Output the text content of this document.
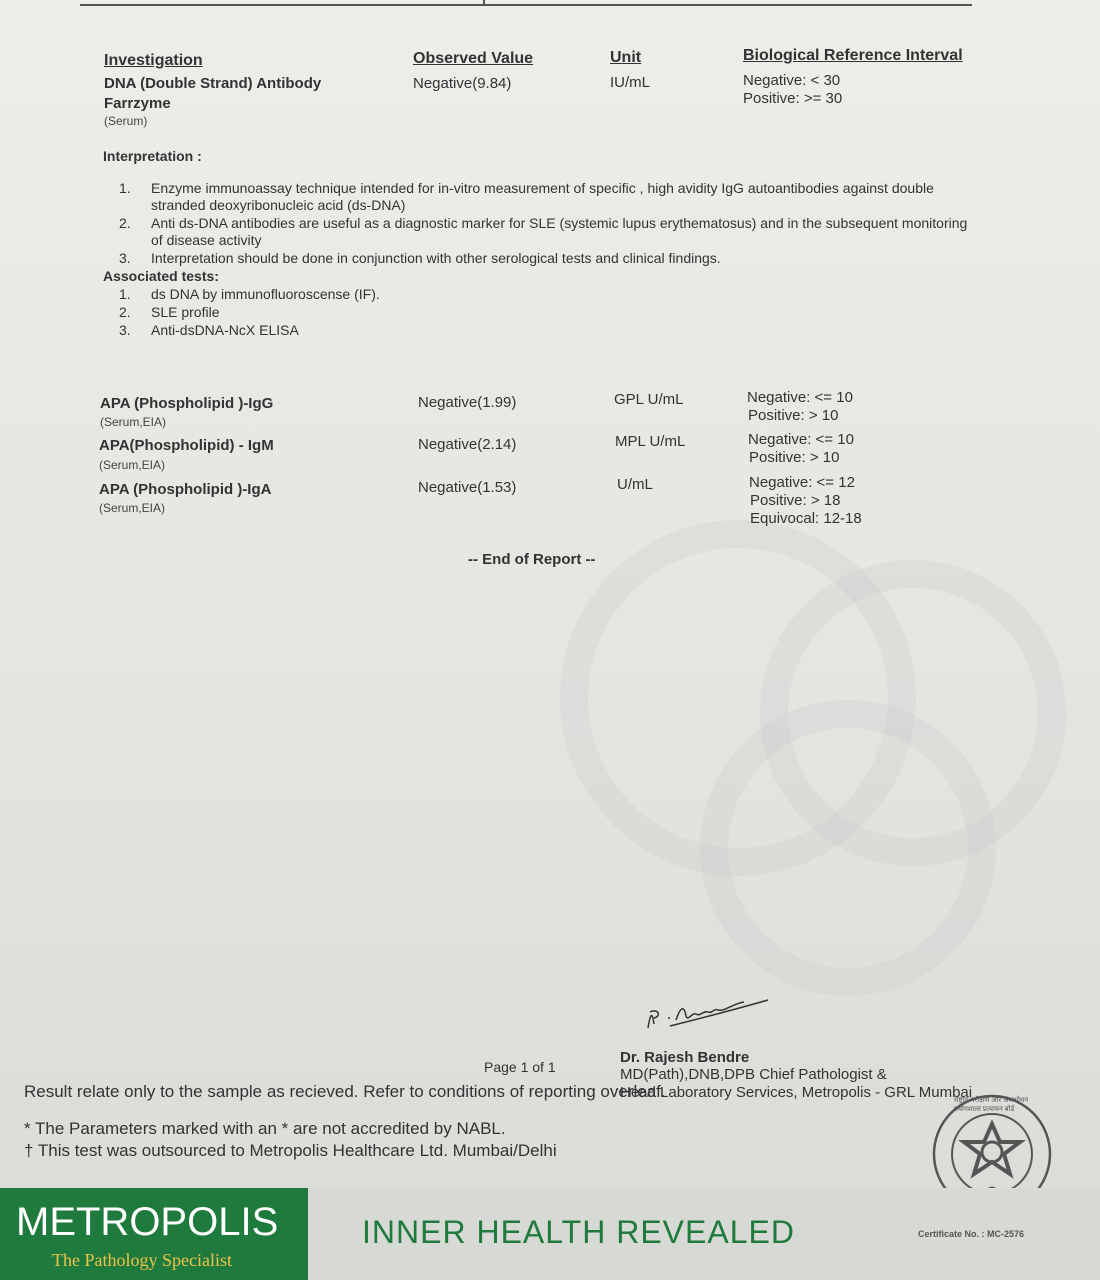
Investigation	Observed Value	Unit	Biological Reference Interval
DNA (Double Strand) Antibody
Farrzyme
(Serum)
Negative(9.84)	IU/mL	Negative: < 30
Positive: >= 30
Interpretation :
1. Enzyme immunoassay technique intended for in-vitro measurement of specific , high avidity IgG autoantibodies against double stranded deoxyribonucleic acid (ds-DNA)
2. Anti ds-DNA antibodies are useful as a diagnostic marker for SLE (systemic lupus erythematosus) and in the subsequent monitoring of disease activity
3. Interpretation should be done in conjunction with other serological tests and clinical findings.
Associated tests:
1. ds DNA by immunofluoroscense (IF).
2. SLE profile
3. Anti-dsDNA-NcX ELISA
APA (Phospholipid )-IgG
(Serum,EIA)
Negative(1.99)	GPL U/mL	Negative: <= 10
Positive: > 10
APA(Phospholipid) - IgM
(Serum,EIA)
Negative(2.14)	MPL U/mL	Negative: <= 10
Positive: > 10
APA (Phospholipid )-IgA
(Serum,EIA)
Negative(1.53)	U/mL	Negative: <= 12
Positive: > 18
Equivocal: 12-18
-- End of Report --
Page 1 of 1
Dr. Rajesh Bendre
MD(Path),DNB,DPB Chief Pathologist &
Head Laboratory Services, Metropolis - GRL Mumbai
Result relate only to the sample as recieved. Refer to conditions of reporting overleaf.
* The Parameters marked with an * are not accredited by NABL.
† This test was outsourced to Metropolis Healthcare Ltd. Mumbai/Delhi
राष्ट्रीय परीक्षण और अंशशोधन प्रयोगशाला प्रत्यायन बोर्ड
METROPOLIS
The Pathology Specialist
INNER HEALTH REVEALED	Certificate No. : MC-2576
